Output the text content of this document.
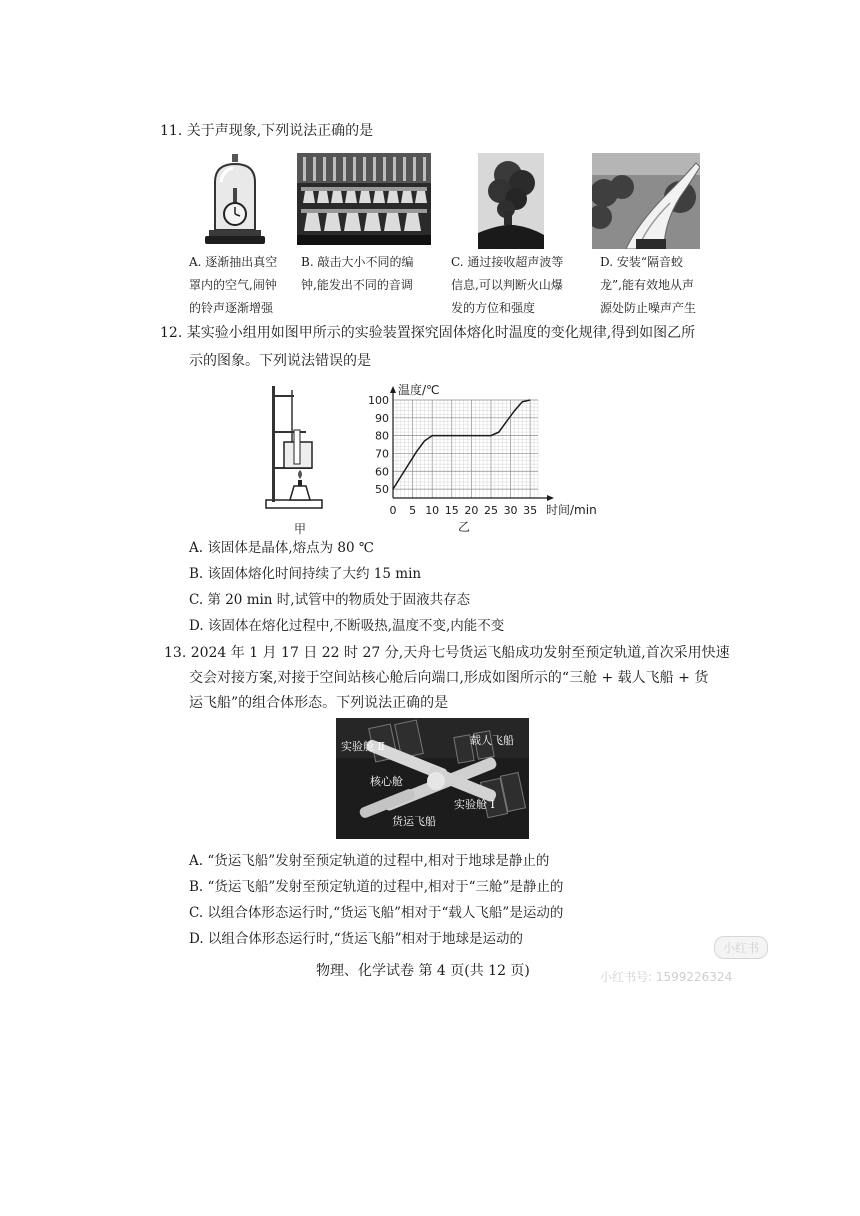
11. 关于声现象,下列说法正确的是
A. 逐渐抽出真空
罩内的空气,闹钟
的铃声逐渐增强
B. 敲击大小不同的编
钟,能发出不同的音调
C. 通过接收超声波等
信息,可以判断火山爆
发的方位和强度
D. 安装“隔音蛟
龙”,能有效地从声
源处防止噪声产生
12. 某实验小组用如图甲所示的实验装置探究固体熔化时温度的变化规律,得到如图乙所
示的图象。下列说法错误的是
甲
0 5 10 15 20 25 30 35
50
60
70
80
90
100
温度/℃
时间/min
乙
A. 该固体是晶体,熔点为 80 ℃
B. 该固体熔化时间持续了大约 15 min
C. 第 20 min 时,试管中的物质处于固液共存态
D. 该固体在熔化过程中,不断吸热,温度不变,内能不变
13. 2024 年 1 月 17 日 22 时 27 分,天舟七号货运飞船成功发射至预定轨道,首次采用快速
交会对接方案,对接于空间站核心舱后向端口,形成如图所示的“三舱 + 载人飞船 + 货
运飞船”的组合体形态。下列说法正确的是
实验舱 Ⅱ	载人飞船
核心舱
实验舱 Ⅰ
货运飞船
A. “货运飞船”发射至预定轨道的过程中,相对于地球是静止的
B. “货运飞船”发射至预定轨道的过程中,相对于“三舱”是静止的
C. 以组合体形态运行时,“货运飞船”相对于“载人飞船”是运动的
D. 以组合体形态运行时,“货运飞船”相对于地球是运动的
物理、化学试卷 第 4 页(共 12 页)
小红书
小红书号: 1599226324
